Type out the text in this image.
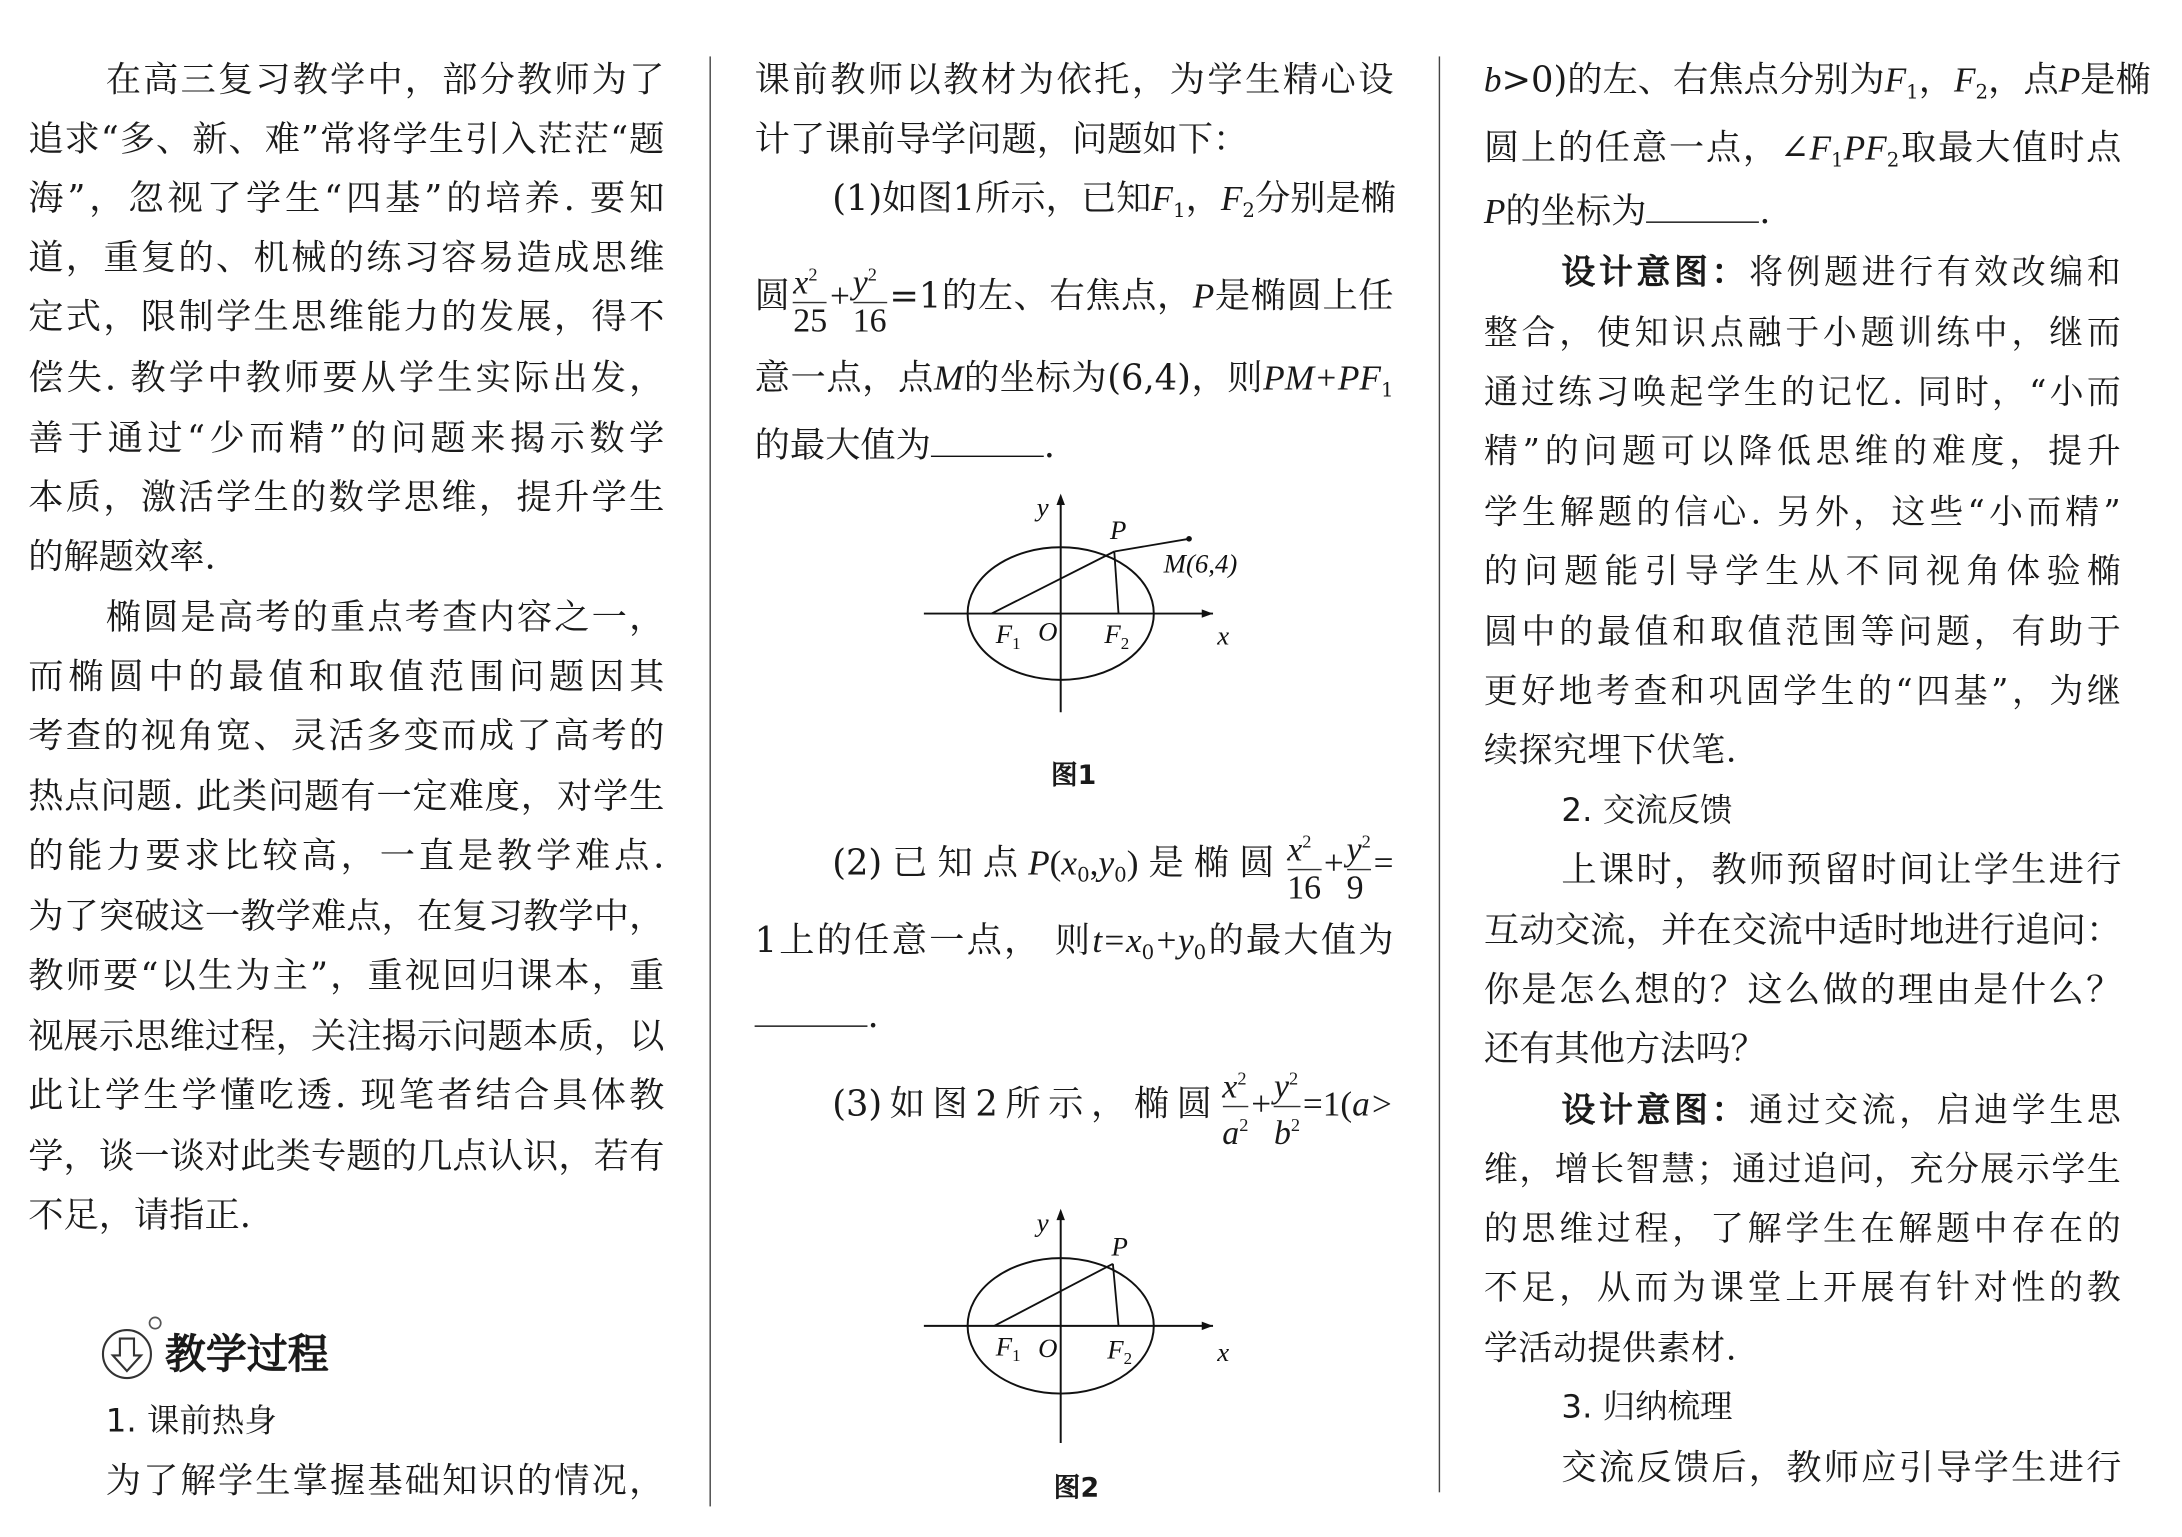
在高三复习教学中，部分教师为了
追求“多、新、难”常将学生引入茫茫“题
海”，忽视了学生“四基”的培养. 要知
道，重复的、机械的练习容易造成思维
定式，限制学生思维能力的发展，得不
偿失. 教学中教师要从学生实际出发，
善于通过“少而精”的问题来揭示数学
本质，激活学生的数学思维，提升学生
的解题效率.
椭圆是高考的重点考查内容之一，
而椭圆中的最值和取值范围问题因其
考查的视角宽、灵活多变而成了高考的
热点问题. 此类问题有一定难度，对学生
的能力要求比较高，一直是教学难点.
为了突破这一教学难点，在复习教学中，
教师要“以生为主”，重视回归课本，重
视展示思维过程，关注揭示问题本质，以
此让学生学懂吃透. 现笔者结合具体教
学，谈一谈对此类专题的几点认识，若有
不足，请指正.
教学过程
1. 课前热身
为了解学生掌握基础知识的情况，
课前教师以教材为依托，为学生精心设
计了课前导学问题，问题如下：
(1)如图1所示，已知$F_1$，$F_2$分别是椭
圆 $\frac{x^2}{25} + \frac{y^2}{16} =1$的左、右焦点，P是椭圆上任
意一点，点M的坐标为(6,4)，则$PM+PF_1$
的最大值为	.
y
P
M(6,4)
$F_1$ O $F_2$	x
图1
(2)已知点$P(x_0,y_0)$是椭圆 $\frac{x^2}{16} + \frac{y^2}{9}$ =
1上的任意一点， 则$t=x_0+y_0$的最大值为
.
(3)如图2所示，椭圆 $\frac{x^2}{a^2} + \frac{y^2}{b^2} =1(a>$
y
P
$F_1$ O	$F_2$	x
图2
b>0)的左、右焦点分别为$F_1$，$F_2$，点P是椭
圆上的任意一点，$\angle F_1PF_2$取最大值时点
P的坐标为	.
设计意图：将例题进行有效改编和
整合，使知识点融于小题训练中，继而
通过练习唤起学生的记忆. 同时，“小而
精”的问题可以降低思维的难度，提升
学生解题的信心. 另外，这些“小而精”
的问题能引导学生从不同视角体验椭
圆中的最值和取值范围等问题，有助于
更好地考查和巩固学生的“四基”，为继
续探究埋下伏笔.
2. 交流反馈
上课时，教师预留时间让学生进行
互动交流，并在交流中适时地进行追问：
你是怎么想的？这么做的理由是什么？
还有其他方法吗？
设计意图：通过交流，启迪学生思
维，增长智慧；通过追问，充分展示学生
的思维过程，了解学生在解题中存在的
不足，从而为课堂上开展有针对性的教
学活动提供素材.
3. 归纳梳理
交流反馈后，教师应引导学生进行
